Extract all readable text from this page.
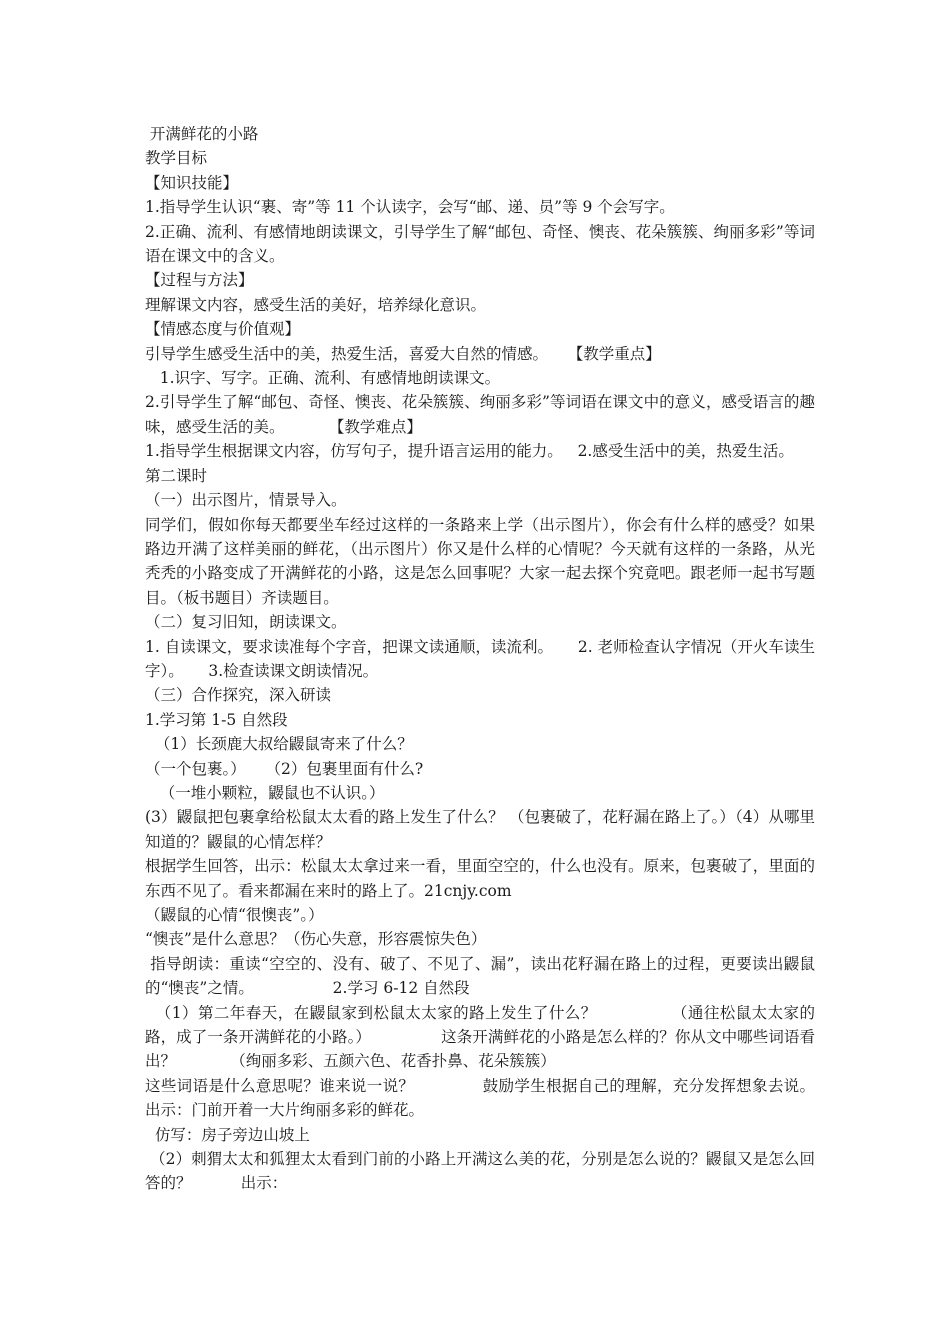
开满鲜花的小路
教学目标
【知识技能】
1.指导学生认识“裹、寄”等 11 个认读字，会写“邮、递、员”等 9 个会写字。
2.正确、流利、有感情地朗读课文，引导学生了解“邮包、奇怪、懊丧、花朵簇簇、绚丽多彩”等词语在课文中的含义。
【过程与方法】
理解课文内容，感受生活的美好，培养绿化意识。
【情感态度与价值观】
引导学生感受生活中的美，热爱生活，喜爱大自然的情感。    【教学重点】
1.识字、写字。正确、流利、有感情地朗读课文。
2.引导学生了解“邮包、奇怪、懊丧、花朵簇簇、绚丽多彩”等词语在课文中的意义，感受语言的趣味，感受生活的美。         【教学难点】
1.指导学生根据课文内容，仿写句子，提升语言运用的能力。   2.感受生活中的美，热爱生活。
第二课时
（一）出示图片，情景导入。
同学们，假如你每天都要坐车经过这样的一条路来上学（出示图片），你会有什么样的感受？如果路边开满了这样美丽的鲜花，（出示图片）你又是什么样的心情呢？今天就有这样的一条路，从光秃秃的小路变成了开满鲜花的小路，这是怎么回事呢？大家一起去探个究竟吧。跟老师一起书写题目。（板书题目）齐读题目。
（二）复习旧知，朗读课文。
1. 自读课文，要求读准每个字音，把课文读通顺，读流利。     2. 老师检查认字情况（开火车读生字）。     3.检查读课文朗读情况。
（三）合作探究，深入研读
1.学习第 1-5 自然段
（1）长颈鹿大叔给鼹鼠寄来了什么？
（一个包裹。）    （2）包裹里面有什么?
（一堆小颗粒，鼹鼠也不认识。）
(3）鼹鼠把包裹拿给松鼠太太看的路上发生了什么？ （包裹破了，花籽漏在路上了。）（4）从哪里知道的？鼹鼠的心情怎样？
根据学生回答，出示：松鼠太太拿过来一看，里面空空的，什么也没有。原来，包裹破了，里面的东西不见了。看来都漏在来时的路上了。21cnjy.com
（鼹鼠的心情“很懊丧”。）
“懊丧”是什么意思？（伤心失意，形容震惊失色）
指导朗读：重读“空空的、没有、破了、不见了、漏”，读出花籽漏在路上的过程，更要读出鼹鼠的“懊丧”之情。                2.学习 6-12 自然段
（1）第二年春天，在鼹鼠家到松鼠太太家的路上发生了什么？              （通往松鼠太太家的路，成了一条开满鲜花的小路。）              这条开满鲜花的小路是怎么样的？你从文中哪些词语看出？           （绚丽多彩、五颜六色、花香扑鼻、花朵簇簇）
这些词语是什么意思呢？谁来说一说？             鼓励学生根据自己的理解，充分发挥想象去说。         出示：门前开着一大片绚丽多彩的鲜花。
仿写：房子旁边山坡上
（2）刺猬太太和狐狸太太看到门前的小路上开满这么美的花，分别是怎么说的？鼹鼠又是怎么回答的？          出示：
